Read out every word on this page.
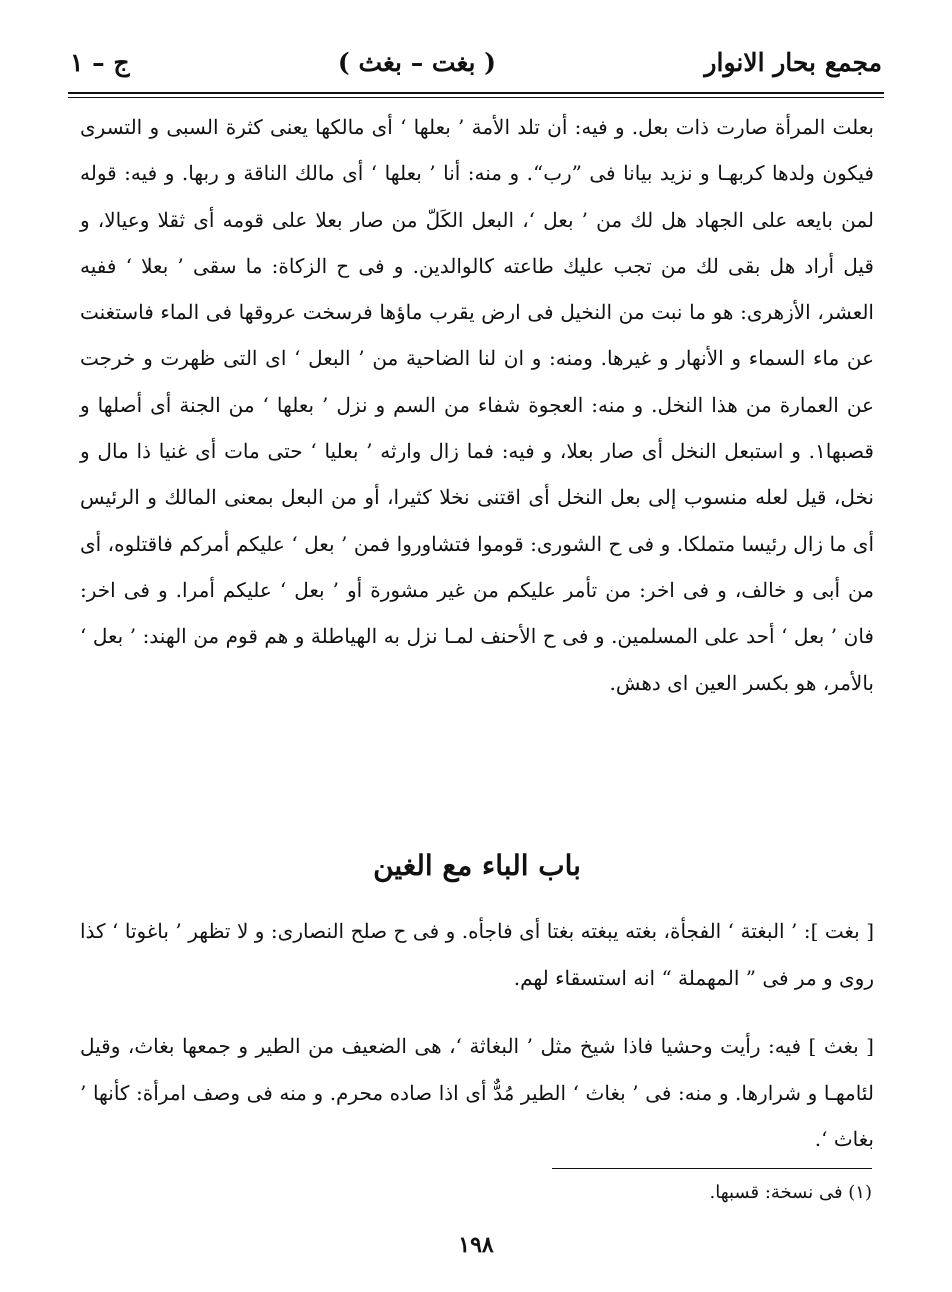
مجمع بحار الانوار
( بغت – بغث )
ج – ١

بعلت المرأة صارت ذات بعل. و فيه: أن تلد الأمة ’ بعلها ‘ أى مالكها يعنى كثرة السبى و التسرى فيكون ولدها كربهـا و نزيد بيانا فى ”رب“. و منه: أنا ’ بعلها ‘ أى مالك الناقة و ربها. و فيه: قوله لمن بايعه على الجهاد هل لك من ’ بعل ‘، البعل الكَلّ من صار بعلا على قومه أى ثقلا وعيالا، و قيل أراد هل بقى لك من تجب عليك طاعته كالوالدين. و فى ح الزكاة: ما سقى ’ بعلا ‘ ففيه العشر، الأزهرى: هو ما نبت من النخيل فى ارض يقرب ماؤها فرسخت عروقها فى الماء فاستغنت عن ماء السماء و الأنهار و غيرها. ومنه: و ان لنا الضاحية من ’ البعل ‘ اى التى ظهرت و خرجت عن العمارة من هذا النخل. و منه: العجوة شفاء من السم و نزل ’ بعلها ‘ من الجنة أى أصلها و قصبها١. و استبعل النخل أى صار بعلا، و فيه: فما زال وارثه ’ بعليا ‘ حتى مات أى غنيا ذا مال و نخل، قيل لعله منسوب إلى بعل النخل أى اقتنى نخلا كثيرا، أو من البعل بمعنى المالك و الرئيس أى ما زال رئيسا متملكا. و فى ح الشورى: قوموا فتشاوروا فمن ’ بعل ‘ عليكم أمركم فاقتلوه، أى من أبى و خالف، و فى اخر: من تأمر عليكم من غير مشورة أو ’ بعل ‘ عليكم أمرا. و فى اخر: فان ’ بعل ‘ أحد على المسلمين. و فى ح الأحنف لمـا نزل به الهياطلة و هم قوم من الهند: ’ بعل ‘ بالأمر، هو بكسر العين اى دهش.

باب الباء مع الغين

[ بغت ]: ’ البغتة ‘ الفجأة، بغته يبغته بغتا أى فاجأه. و فى ح صلح النصارى: و لا تظهر ’ باغوتا ‘ كذا روى و مر فى ” المهملة “ انه استسقاء لهم.

[ بغث ] فيه: رأيت وحشيا فاذا شيخ مثل ’ البغاثة ‘، هى الضعيف من الطير و جمعها بغاث، وقيل لئامهـا و شرارها. و منه: فى ’ بغاث ‘ الطير مُدٌّ أى اذا صاده محرم. و منه فى وصف امرأة: كأنها ’ بغاث ‘.

(١) فى نسخة: قسبها.
١٩٨
